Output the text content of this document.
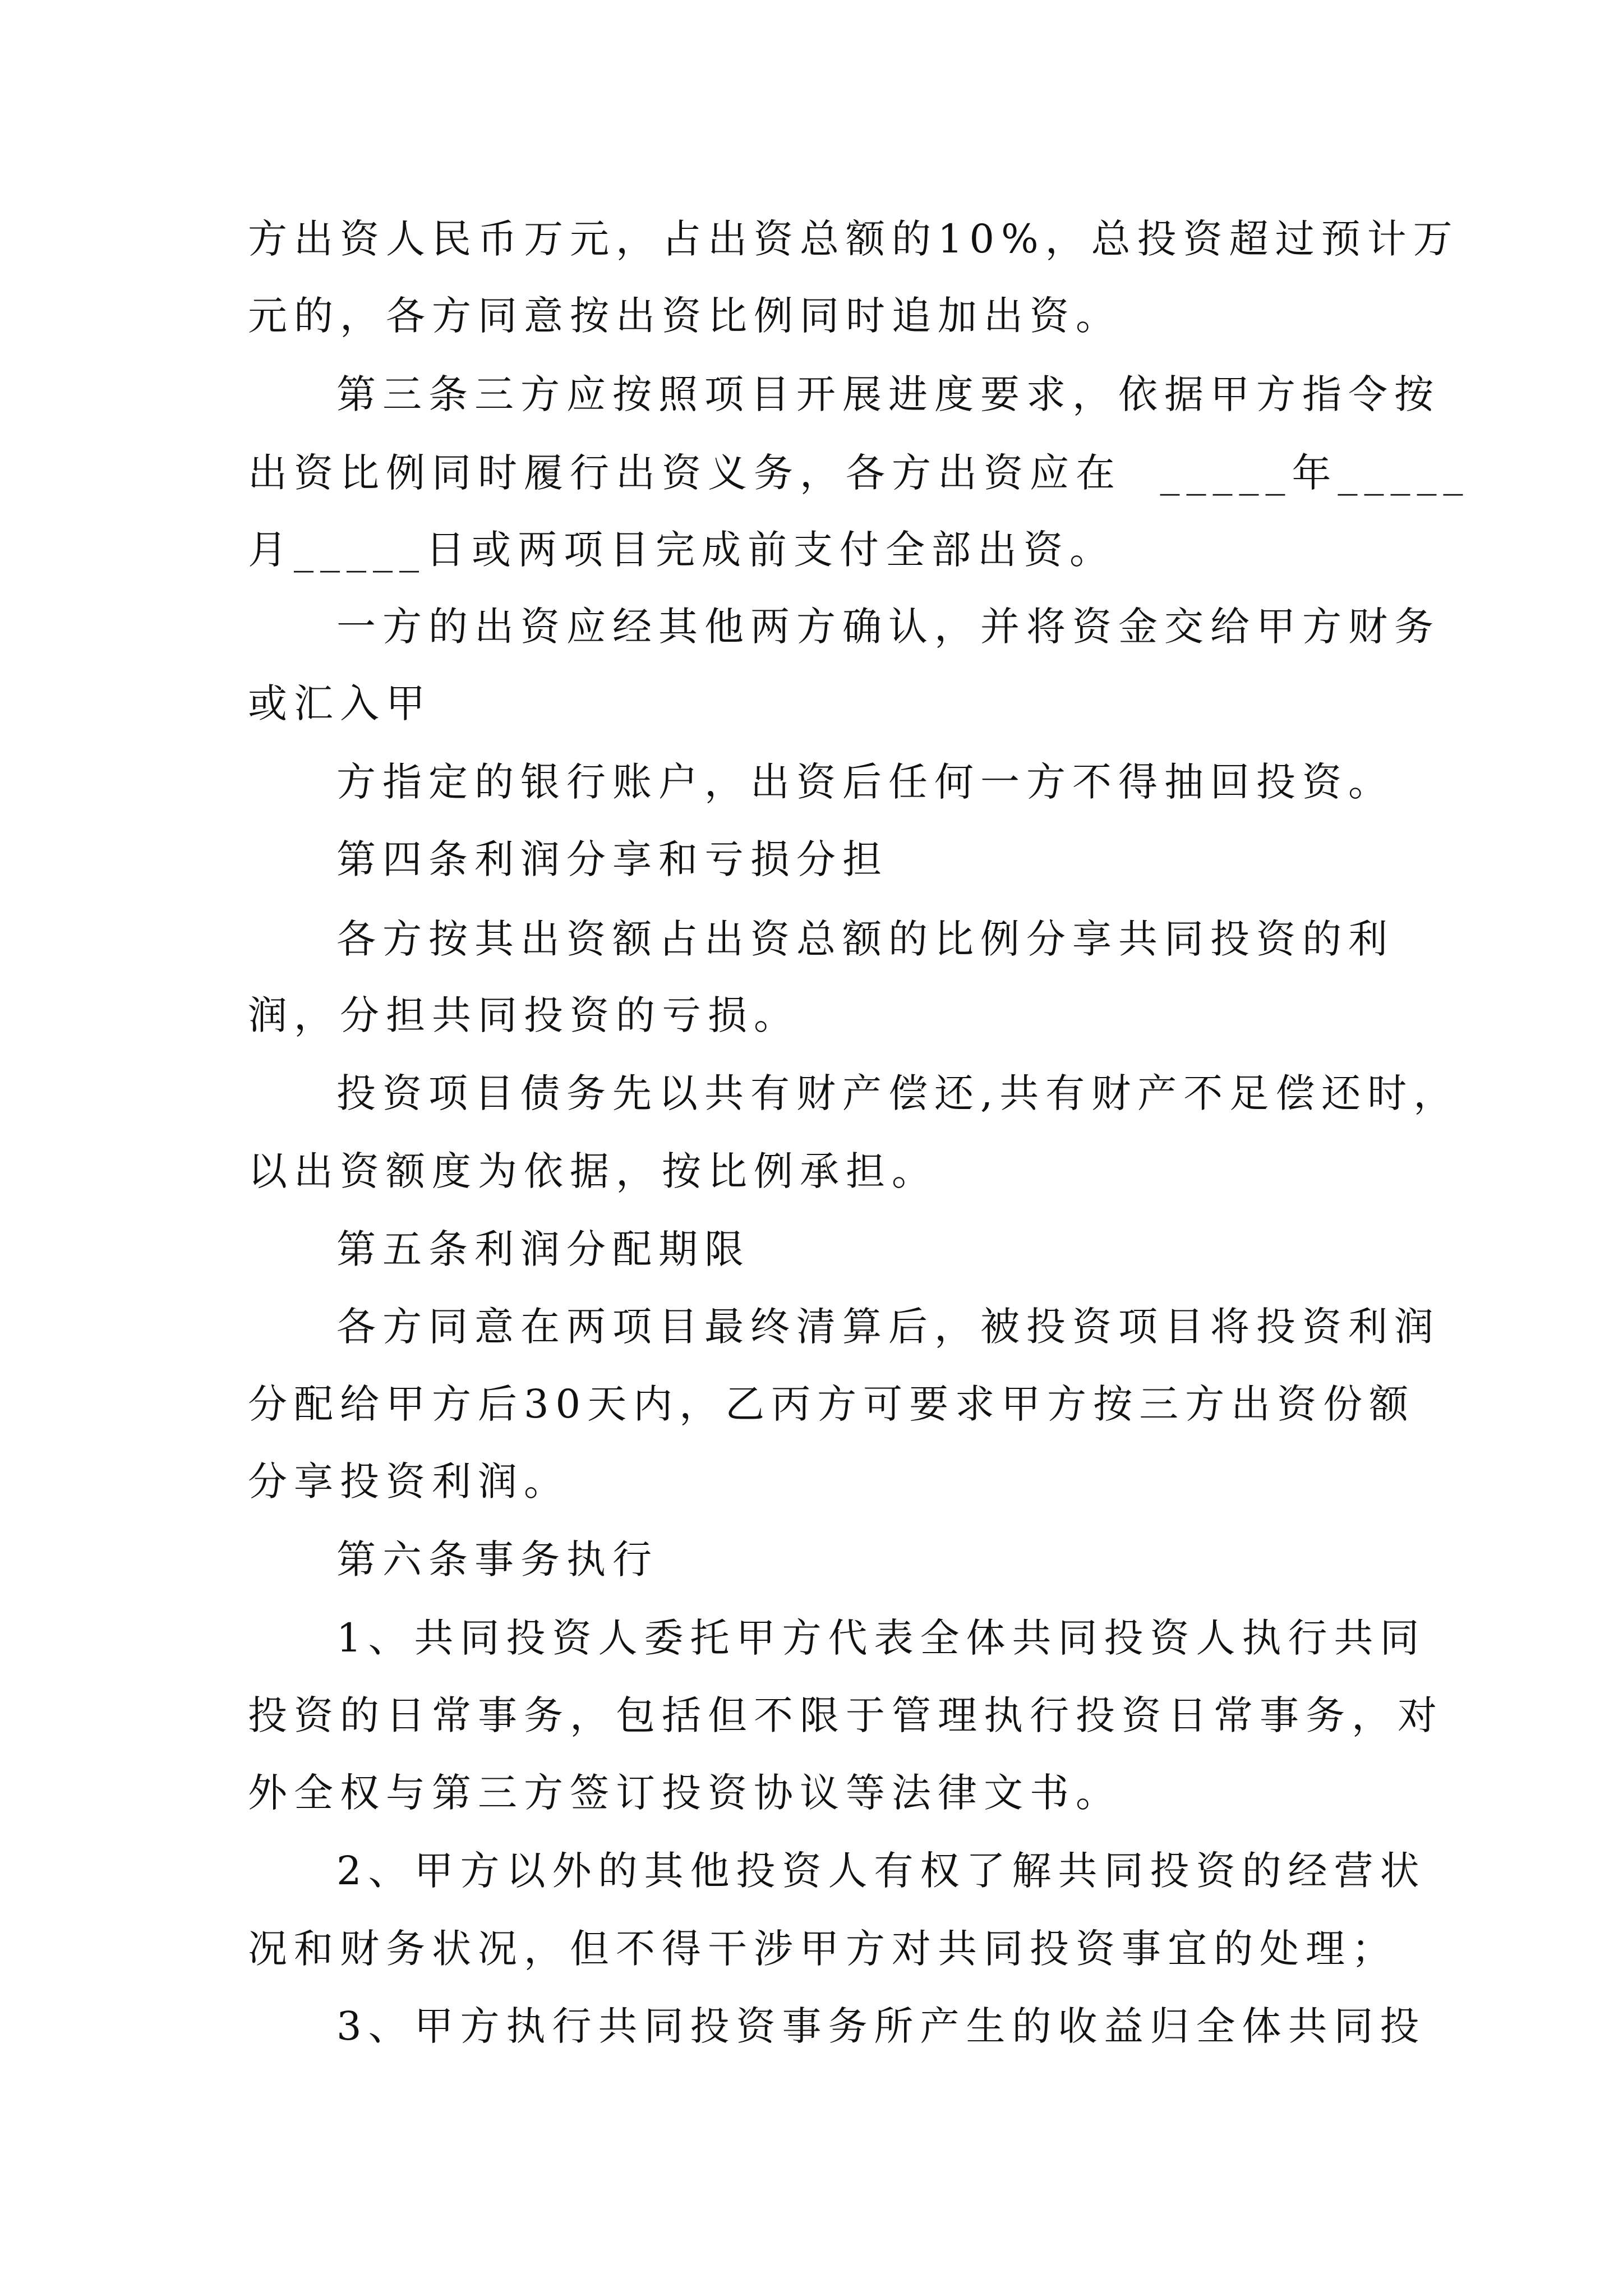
方出资人民币万元，占出资总额的10%，总投资超过预计万
元的，各方同意按出资比例同时追加出资。
第三条三方应按照项目开展进度要求，依据甲方指令按
出资比例同时履行出资义务，各方出资应在  _____年_____
月_____日或两项目完成前支付全部出资。
一方的出资应经其他两方确认，并将资金交给甲方财务
或汇入甲
方指定的银行账户，出资后任何一方不得抽回投资。
第四条利润分享和亏损分担
各方按其出资额占出资总额的比例分享共同投资的利
润，分担共同投资的亏损。
投资项目债务先以共有财产偿还,共有财产不足偿还时，
以出资额度为依据，按比例承担。
第五条利润分配期限
各方同意在两项目最终清算后，被投资项目将投资利润
分配给甲方后30天内，乙丙方可要求甲方按三方出资份额
分享投资利润。
第六条事务执行
1、共同投资人委托甲方代表全体共同投资人执行共同
投资的日常事务，包括但不限于管理执行投资日常事务，对
外全权与第三方签订投资协议等法律文书。
2、甲方以外的其他投资人有权了解共同投资的经营状
况和财务状况，但不得干涉甲方对共同投资事宜的处理；
3、甲方执行共同投资事务所产生的收益归全体共同投
